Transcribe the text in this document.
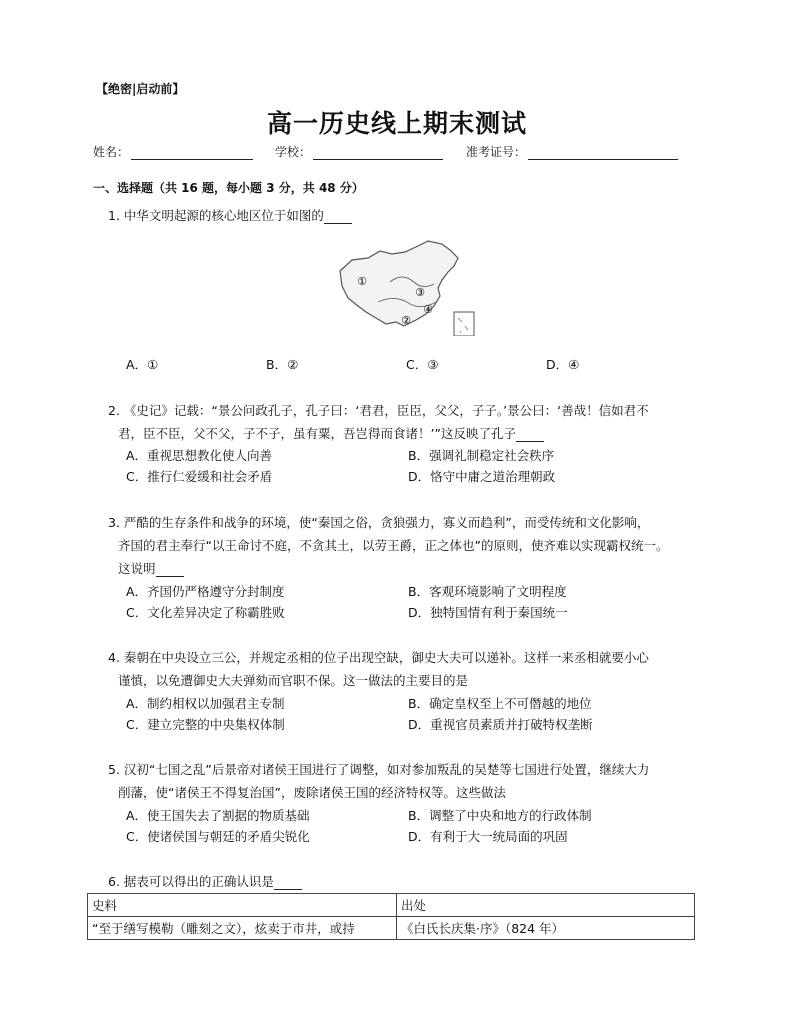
【绝密|启动前】
高一历史线上期末测试
姓名：	学校：	准考证号：
一、选择题（共 16 题，每小题 3 分，共 48 分）
1. 中华文明起源的核心地区位于如图的
①
③
④
②
A．①	B．②	C．③	D．④
2. 《史记》记载：“景公问政孔子，孔子曰：‘君君，臣臣，父父，子子。’景公曰：‘善哉！信如君不
君，臣不臣，父不父，子不子，虽有粟，吾岂得而食诸！’”这反映了孔子
A．重视思想教化使人向善	B．强调礼制稳定社会秩序
C．推行仁爱缓和社会矛盾	D．恪守中庸之道治理朝政
3. 严酷的生存条件和战争的环境，使“秦国之俗，贪狼强力，寡义而趋利”，而受传统和文化影响，
齐国的君主奉行“以王命讨不庭，不贪其土，以劳王爵，正之体也”的原则，使齐难以实现霸权统一。
这说明
A．齐国仍严格遵守分封制度	B．客观环境影响了文明程度
C．文化差异决定了称霸胜败	D．独特国情有利于秦国统一
4. 秦朝在中央设立三公，并规定丞相的位子出现空缺，御史大夫可以递补。这样一来丞相就要小心
谨慎，以免遭御史大夫弹劾而官职不保。这一做法的主要目的是
A．制约相权以加强君主专制	B．确定皇权至上不可僭越的地位
C．建立完整的中央集权体制	D．重视官员素质并打破特权垄断
5. 汉初“七国之乱”后景帝对诸侯王国进行了调整，如对参加叛乱的吴楚等七国进行处置，继续大力
削藩，使“诸侯王不得复治国”，废除诸侯王国的经济特权等。这些做法
A．使王国失去了割据的物质基础	B．调整了中央和地方的行政体制
C．使诸侯国与朝廷的矛盾尖锐化	D．有利于大一统局面的巩固
6. 据表可以得出的正确认识是
史料	出处
“至于缮写模勒（雕刻之文），炫卖于市井，或持	《白氏长庆集·序》（824 年）
